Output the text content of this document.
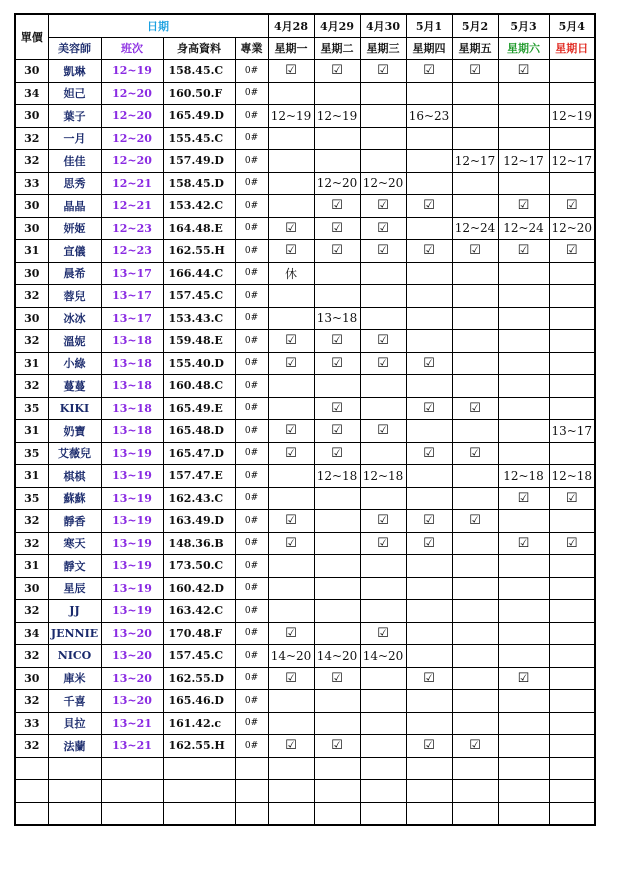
單價	日期				4月28	4月29	4月30	5月1	5月2	5月3	5月4
	美容師	班次	身高資料	專業	星期一	星期二	星期三	星期四	星期五	星期六	星期日
30	凱琳	12~19	158.45.C	0#	☑	☑	☑	☑	☑	☑	
34	妲己	12~20	160.50.F	0#							
30	葉子	12~20	165.49.D	0#	12~19	12~19		16~23			12~19
32	一月	12~20	155.45.C	0#							
32	佳佳	12~20	157.49.D	0#					12~17	12~17	12~17
33	思秀	12~21	158.45.D	0#		12~20	12~20				
30	晶晶	12~21	153.42.C	0#		☑	☑	☑		☑	☑
30	妍姬	12~23	164.48.E	0#	☑	☑	☑		12~24	12~24	12~20
31	宣儀	12~23	162.55.H	0#	☑	☑	☑	☑	☑	☑	☑
30	晨希	13~17	166.44.C	0#	休						
32	蓉兒	13~17	157.45.C	0#							
30	冰冰	13~17	153.43.C	0#		13~18					
32	溫妮	13~18	159.48.E	0#	☑	☑	☑				
31	小綠	13~18	155.40.D	0#	☑	☑	☑	☑			
32	蔓蔓	13~18	160.48.C	0#							
35	KIKI	13~18	165.49.E	0#		☑		☑	☑		
31	奶寶	13~18	165.48.D	0#	☑	☑	☑				13~17
35	艾薇兒	13~19	165.47.D	0#	☑	☑		☑	☑		
31	棋棋	13~19	157.47.E	0#		12~18	12~18			12~18	12~18
35	蘇蘇	13~19	162.43.C	0#						☑	☑
32	靜香	13~19	163.49.D	0#	☑		☑	☑	☑		
32	寒天	13~19	148.36.B	0#	☑		☑	☑		☑	☑
31	靜文	13~19	173.50.C	0#							
30	星辰	13~19	160.42.D	0#							
32	JJ	13~19	163.42.C	0#							
34	JENNIE	13~20	170.48.F	0#	☑		☑				
32	NICO	13~20	157.45.C	0#	14~20	14~20	14~20				
30	庫米	13~20	162.55.D	0#	☑	☑		☑		☑	
32	千喜	13~20	165.46.D	0#							
33	貝拉	13~21	161.42.c	0#							
32	法蘭	13~21	162.55.H	0#	☑	☑		☑	☑		
